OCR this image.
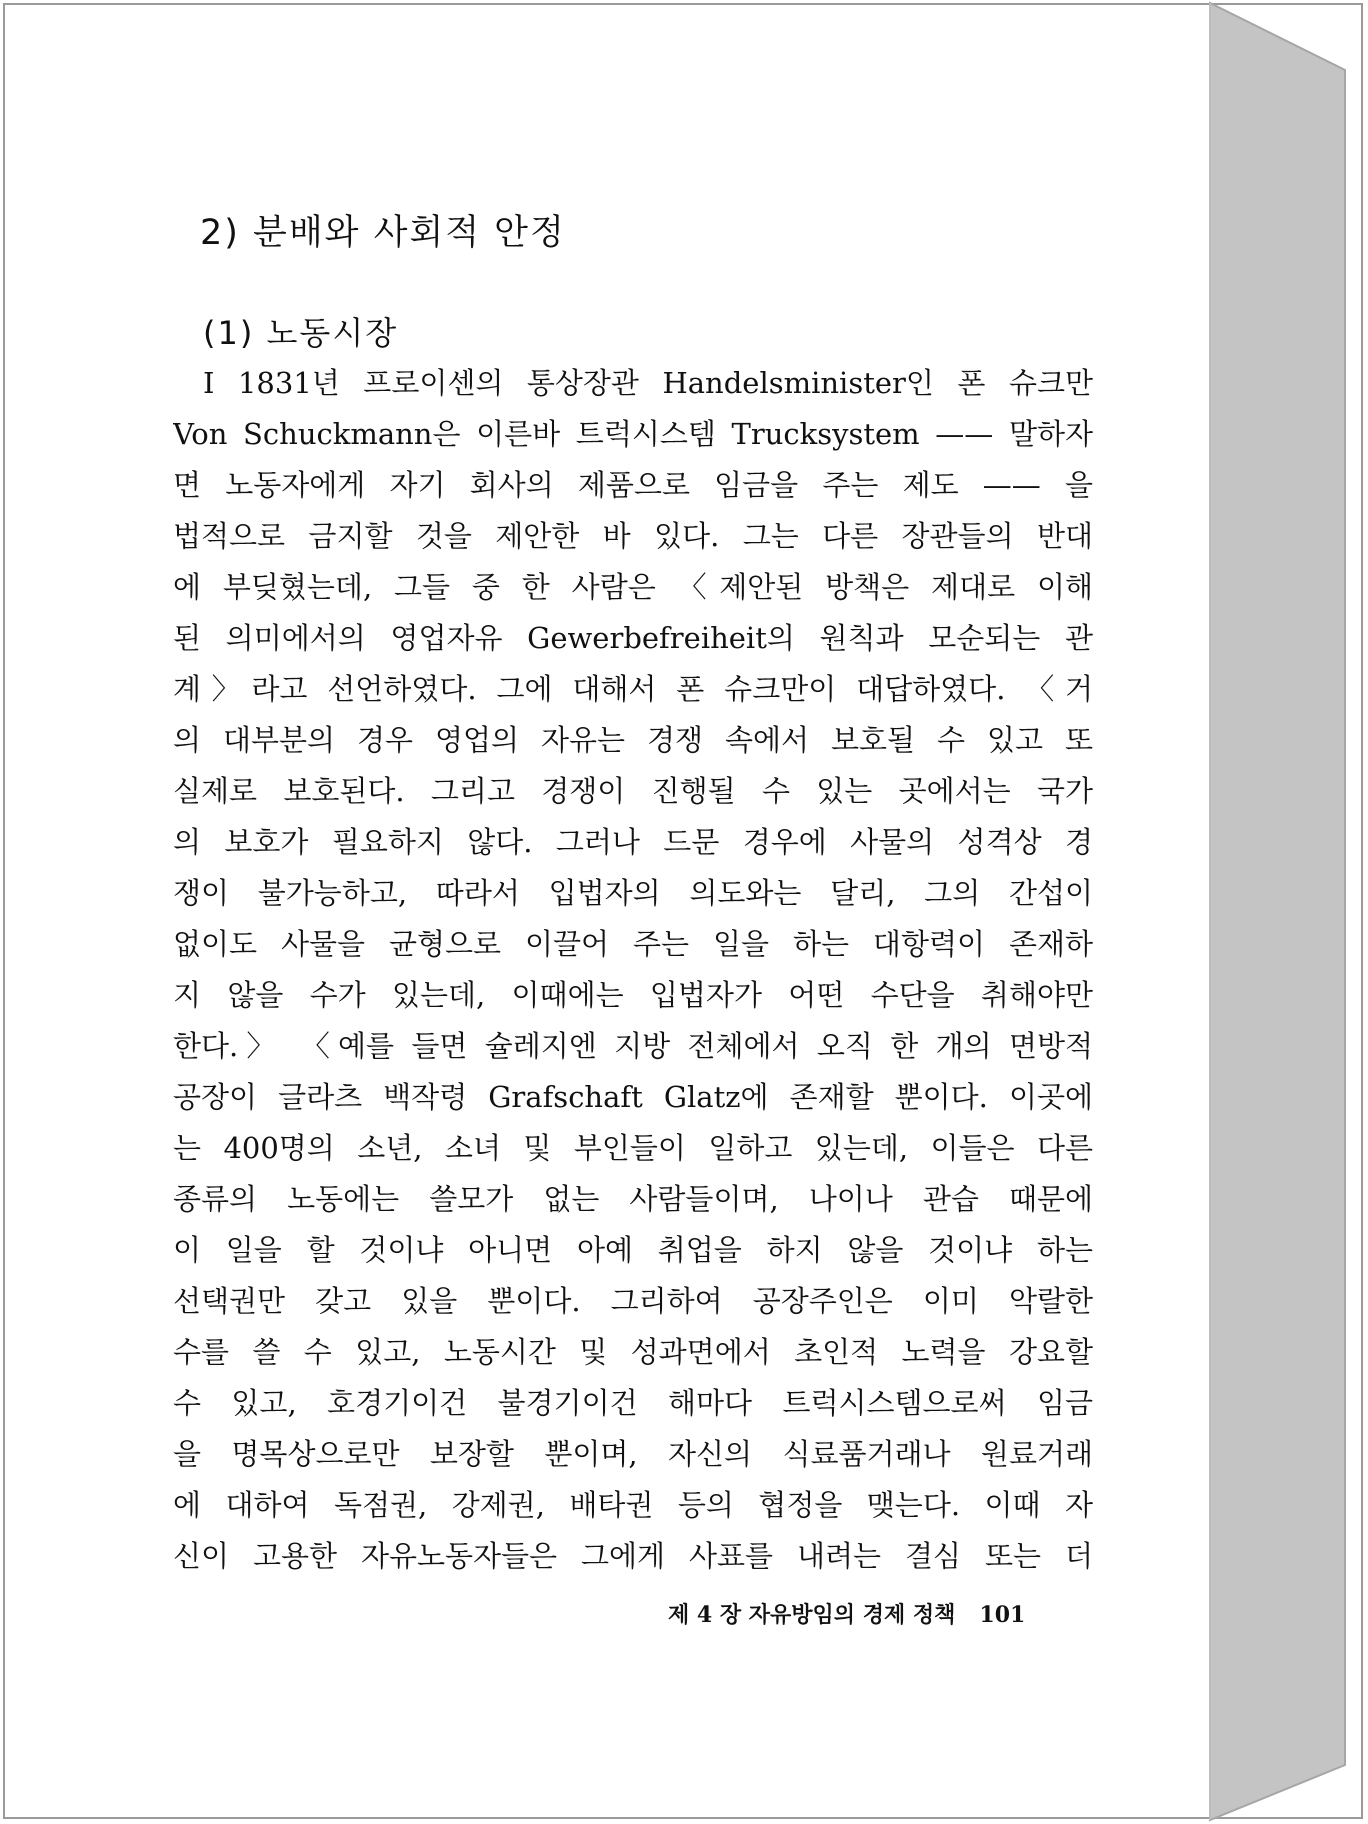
2) 분배와 사회적 안정
(1) 노동시장
I 1831년 프로이센의 통상장관 Handelsminister인 폰 슈크만
Von Schuckmann은 이른바 트럭시스템 Trucksystem —— 말하자
면 노동자에게 자기 회사의 제품으로 임금을 주는 제도 —— 을
법적으로 금지할 것을 제안한 바 있다. 그는 다른 장관들의 반대
에 부딪혔는데, 그들 중 한 사람은 〈제안된 방책은 제대로 이해
된 의미에서의 영업자유 Gewerbefreiheit의 원칙과 모순되는 관
계〉라고 선언하였다. 그에 대해서 폰 슈크만이 대답하였다. 〈거
의 대부분의 경우 영업의 자유는 경쟁 속에서 보호될 수 있고 또
실제로 보호된다. 그리고 경쟁이 진행될 수 있는 곳에서는 국가
의 보호가 필요하지 않다. 그러나 드문 경우에 사물의 성격상 경
쟁이 불가능하고, 따라서 입법자의 의도와는 달리, 그의 간섭이
없이도 사물을 균형으로 이끌어 주는 일을 하는 대항력이 존재하
지 않을 수가 있는데, 이때에는 입법자가 어떤 수단을 취해야만
한다.〉 〈예를 들면 슐레지엔 지방 전체에서 오직 한 개의 면방적
공장이 글라츠 백작령 Grafschaft Glatz에 존재할 뿐이다. 이곳에
는 400명의 소년, 소녀 및 부인들이 일하고 있는데, 이들은 다른
종류의 노동에는 쓸모가 없는 사람들이며, 나이나 관습 때문에
이 일을 할 것이냐 아니면 아예 취업을 하지 않을 것이냐 하는
선택권만 갖고 있을 뿐이다. 그리하여 공장주인은 이미 악랄한
수를 쓸 수 있고, 노동시간 및 성과면에서 초인적 노력을 강요할
수 있고, 호경기이건 불경기이건 해마다 트럭시스템으로써 임금
을 명목상으로만 보장할 뿐이며, 자신의 식료품거래나 원료거래
에 대하여 독점권, 강제권, 배타권 등의 협정을 맺는다. 이때 자
신이 고용한 자유노동자들은 그에게 사표를 내려는 결심 또는 더
제 4 장 자유방임의 경제 정책 101
